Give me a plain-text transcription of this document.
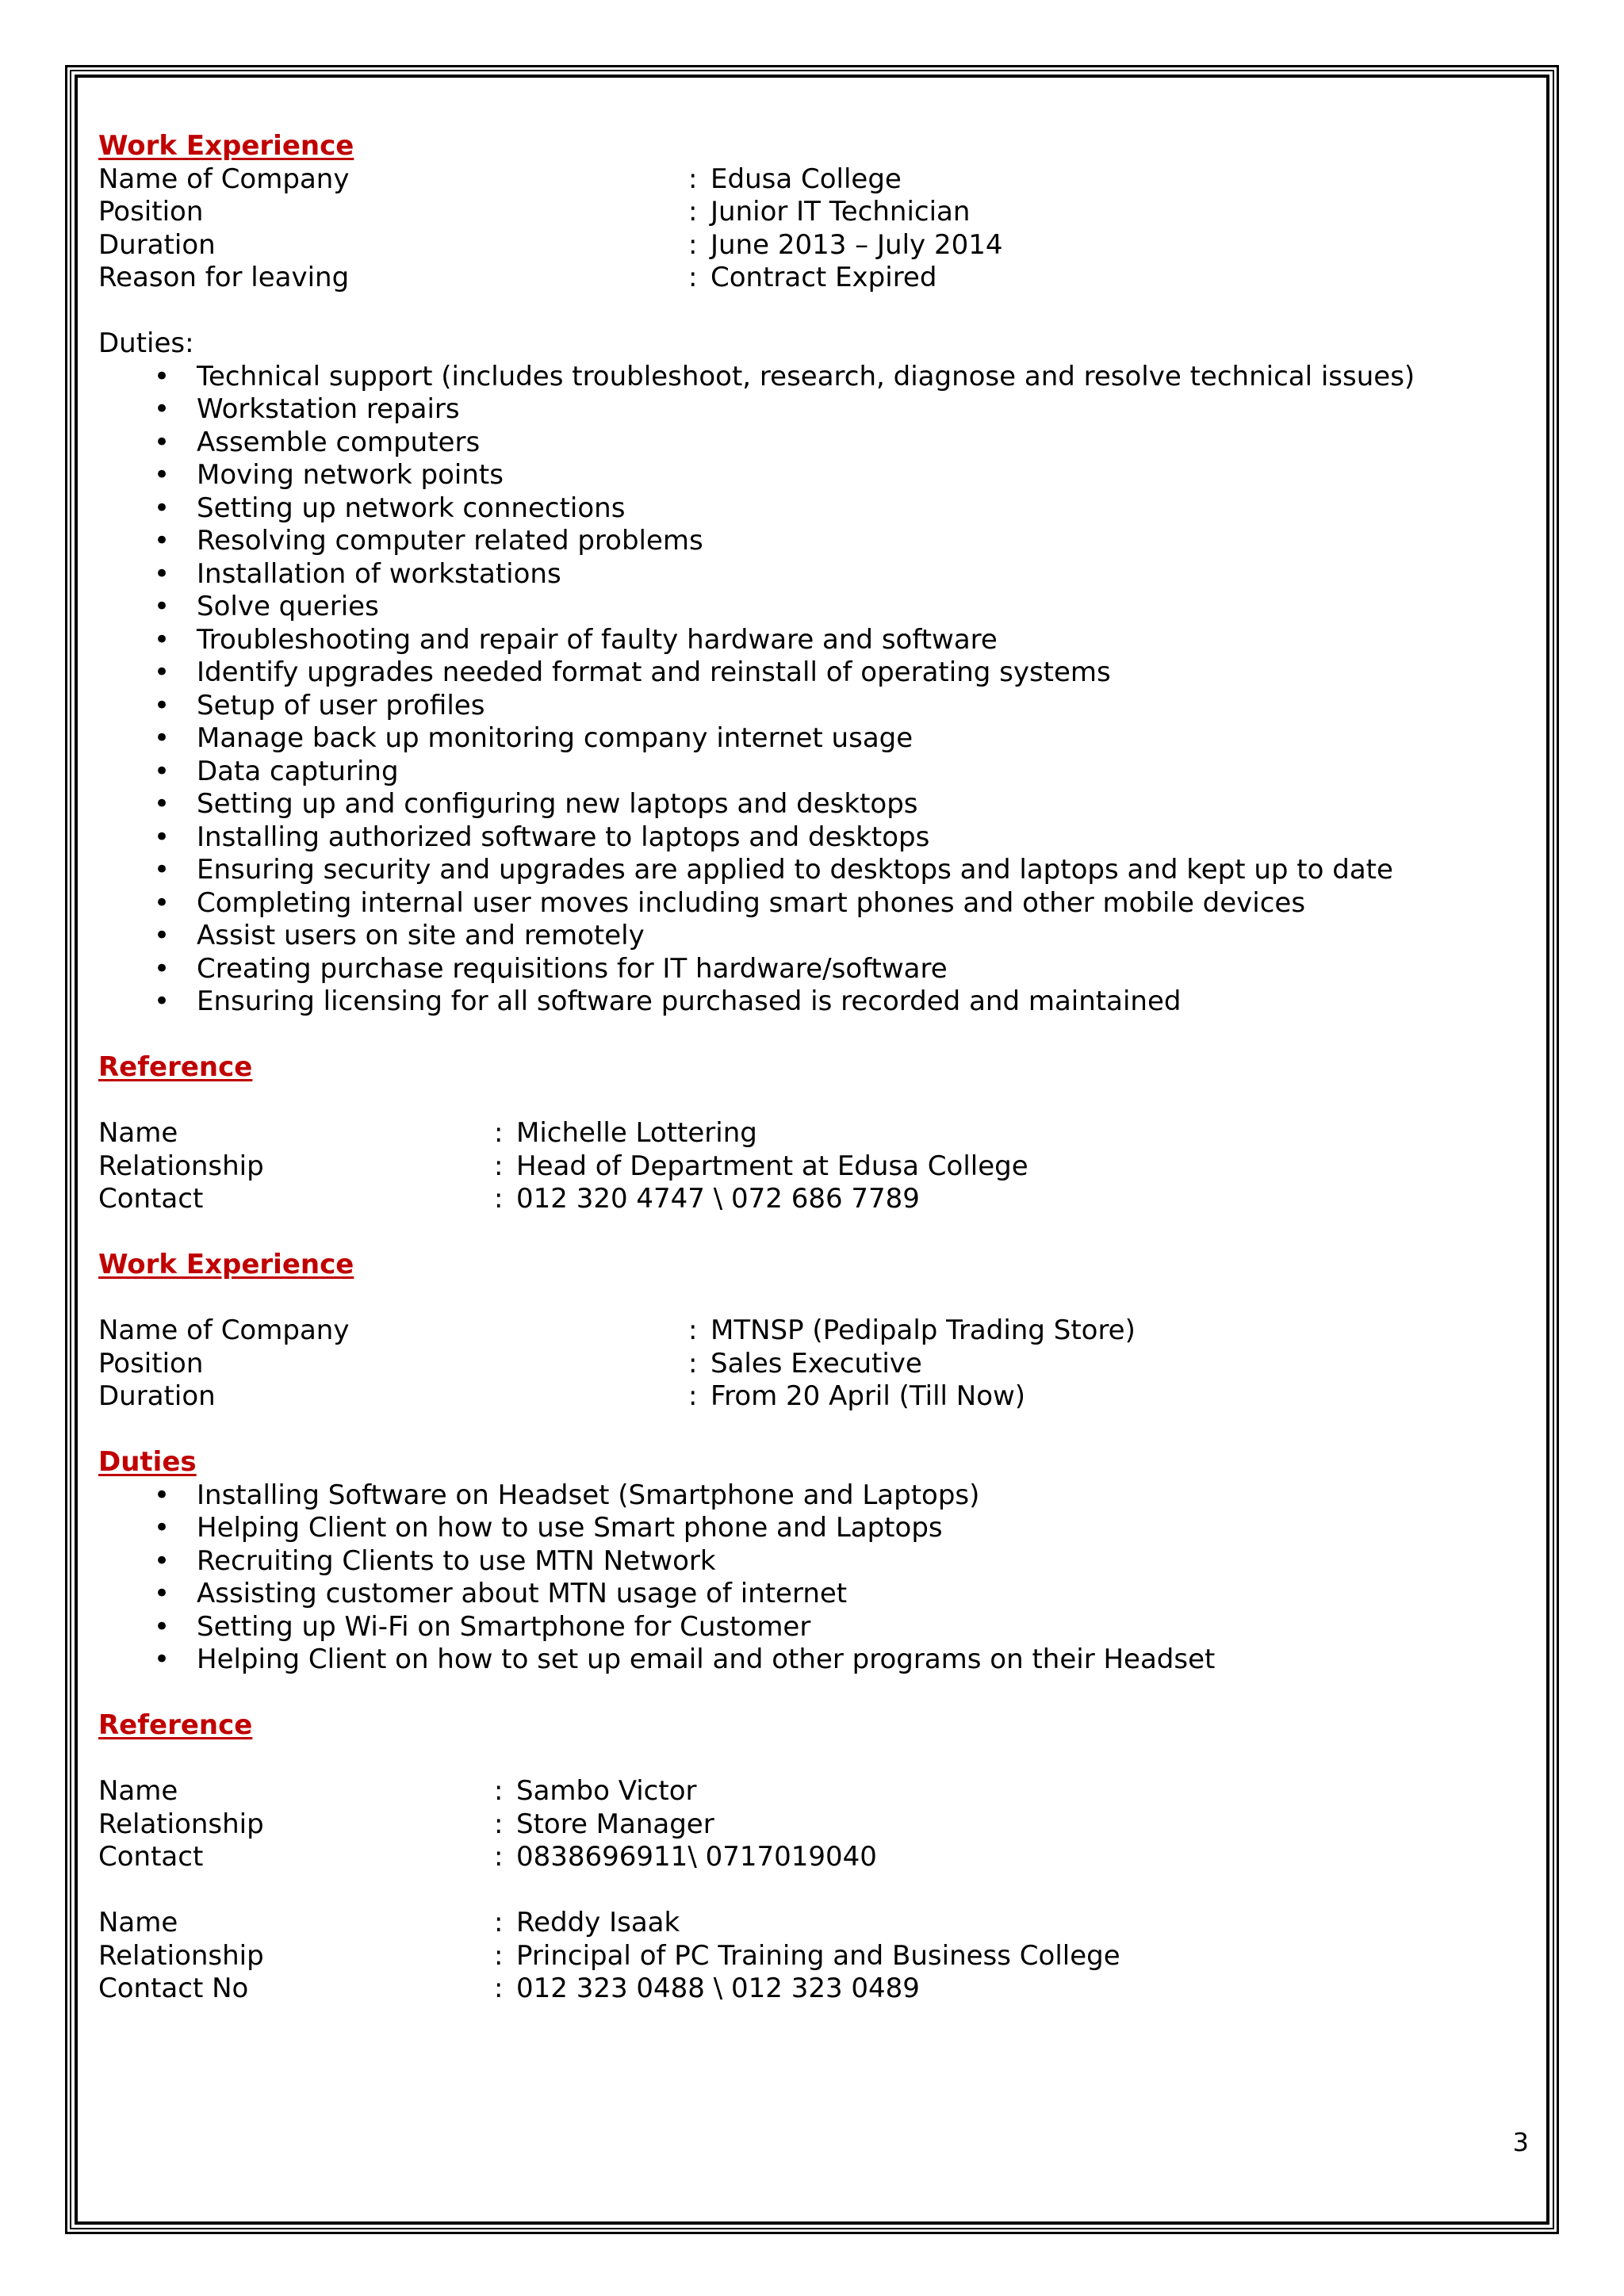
Work Experience
Name of Company	: Edusa College
Position	: Junior IT Technician
Duration	: June 2013 – July 2014
Reason for leaving	: Contract Expired
Duties:
• Technical support (includes troubleshoot, research, diagnose and resolve technical issues)
• Workstation repairs
• Assemble computers
• Moving network points
• Setting up network connections
• Resolving computer related problems
• Installation of workstations
• Solve queries
• Troubleshooting and repair of faulty hardware and software
• Identify upgrades needed format and reinstall of operating systems
• Setup of user profiles
• Manage back up monitoring company internet usage
• Data capturing
• Setting up and configuring new laptops and desktops
• Installing authorized software to laptops and desktops
• Ensuring security and upgrades are applied to desktops and laptops and kept up to date
• Completing internal user moves including smart phones and other mobile devices
• Assist users on site and remotely
• Creating purchase requisitions for IT hardware/software
• Ensuring licensing for all software purchased is recorded and maintained
Reference
Name	: Michelle Lottering
Relationship	: Head of Department at Edusa College
Contact	: 012 320 4747 \ 072 686 7789
Work Experience
Name of Company	: MTNSP (Pedipalp Trading Store)
Position	: Sales Executive
Duration	: From 20 April (Till Now)
Duties
• Installing Software on Headset (Smartphone and Laptops)
• Helping Client on how to use Smart phone and Laptops
• Recruiting Clients to use MTN Network
• Assisting customer about MTN usage of internet
• Setting up Wi-Fi on Smartphone for Customer
• Helping Client on how to set up email and other programs on their Headset
Reference
Name	: Sambo Victor
Relationship	: Store Manager
Contact	: 0838696911\ 0717019040
Name	: Reddy Isaak
Relationship	: Principal of PC Training and Business College
Contact No	: 012 323 0488 \ 012 323 0489
3
